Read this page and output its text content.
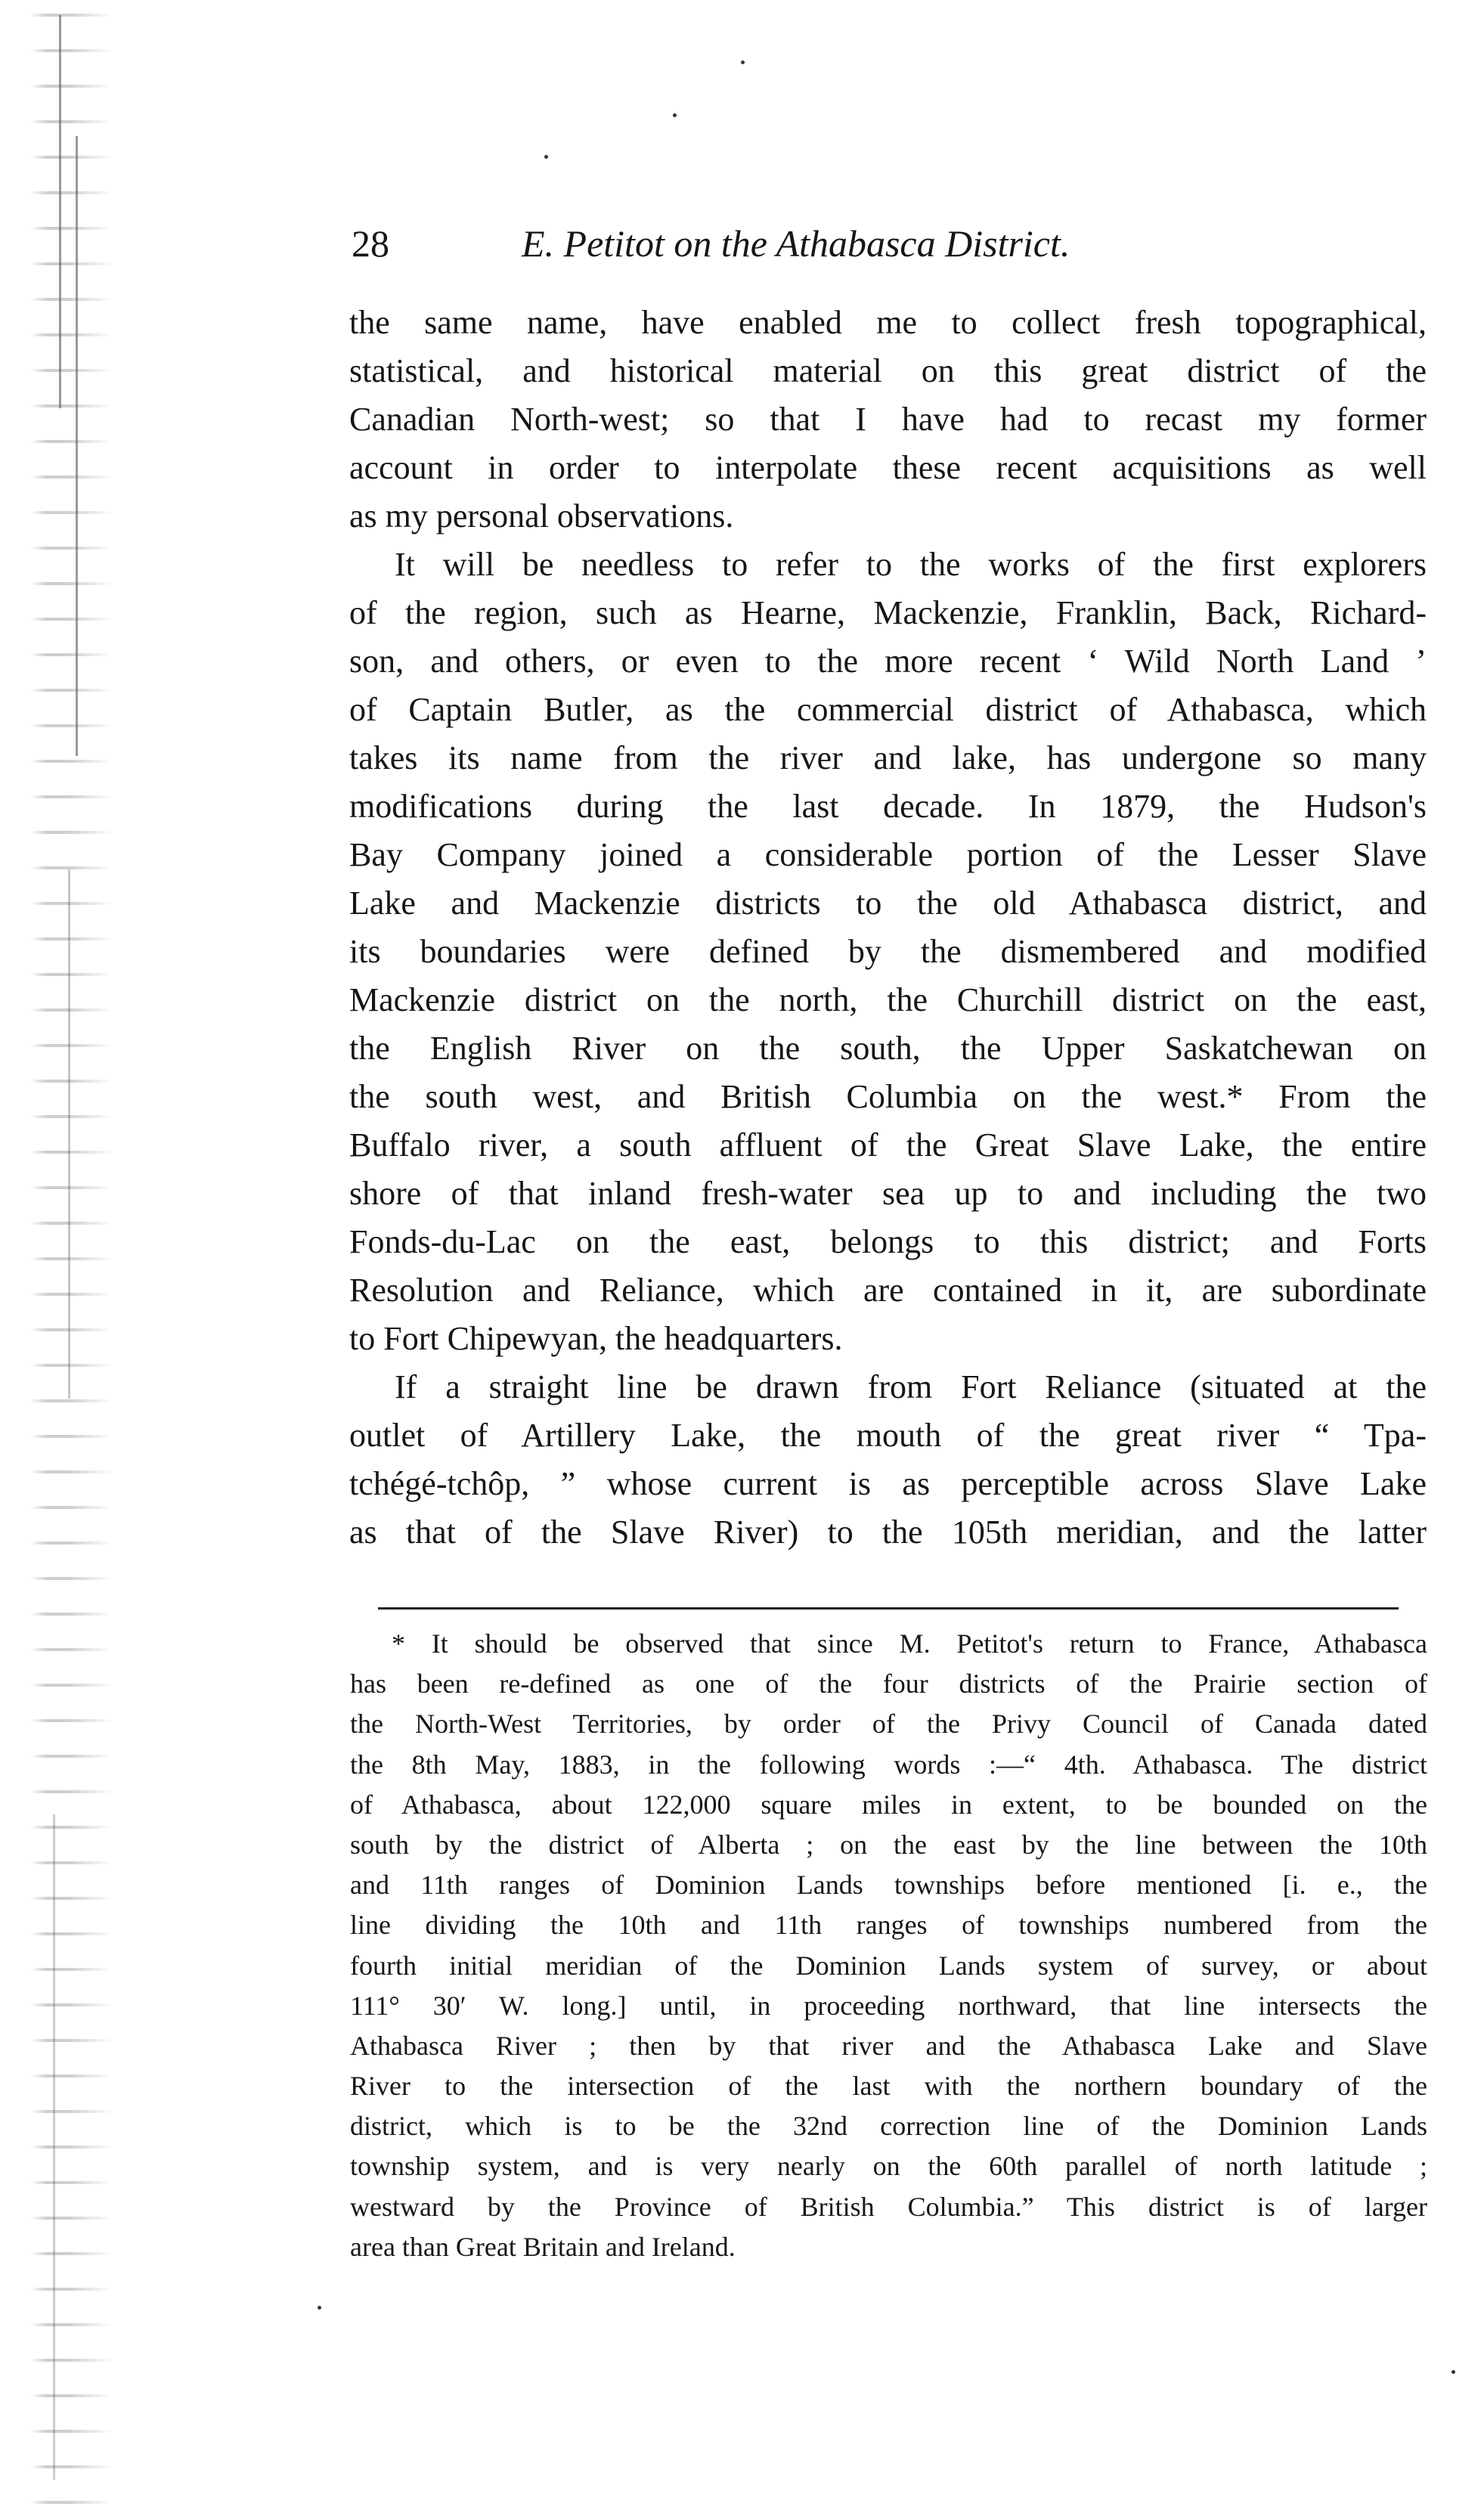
28	E. Petitot on the Athabasca District.
the same name, have enabled me to collect fresh topographical,
statistical, and historical material on this great district of the
Canadian North-west; so that I have had to recast my former
account in order to interpolate these recent acquisitions as well
as my personal observations.
It will be needless to refer to the works of the first explorers
of the region, such as Hearne, Mackenzie, Franklin, Back, Richard-
son, and others, or even to the more recent ‘ Wild North Land ’
of Captain Butler, as the commercial district of Athabasca, which
takes its name from the river and lake, has undergone so many
modifications during the last decade. In 1879, the Hudson's
Bay Company joined a considerable portion of the Lesser Slave
Lake and Mackenzie districts to the old Athabasca district, and
its boundaries were defined by the dismembered and modified
Mackenzie district on the north, the Churchill district on the east,
the English River on the south, the Upper Saskatchewan on
the south west, and British Columbia on the west.* From the
Buffalo river, a south affluent of the Great Slave Lake, the entire
shore of that inland fresh-water sea up to and including the two
Fonds-du-Lac on the east, belongs to this district; and Forts
Resolution and Reliance, which are contained in it, are subordinate
to Fort Chipewyan, the headquarters.
If a straight line be drawn from Fort Reliance (situated at the
outlet of Artillery Lake, the mouth of the great river “ Tpa-
tchégé-tchôp, ” whose current is as perceptible across Slave Lake
as that of the Slave River) to the 105th meridian, and the latter
* It should be observed that since M. Petitot's return to France, Athabasca
has been re-defined as one of the four districts of the Prairie section of
the North-West Territories, by order of the Privy Council of Canada dated
the 8th May, 1883, in the following words :—“ 4th. Athabasca. The district
of Athabasca, about 122,000 square miles in extent, to be bounded on the
south by the district of Alberta ; on the east by the line between the 10th
and 11th ranges of Dominion Lands townships before mentioned [i. e., the
line dividing the 10th and 11th ranges of townships numbered from the
fourth initial meridian of the Dominion Lands system of survey, or about
111° 30′ W. long.] until, in proceeding northward, that line intersects the
Athabasca River ; then by that river and the Athabasca Lake and Slave
River to the intersection of the last with the northern boundary of the
district, which is to be the 32nd correction line of the Dominion Lands
township system, and is very nearly on the 60th parallel of north latitude ;
westward by the Province of British Columbia.” This district is of larger
area than Great Britain and Ireland.
